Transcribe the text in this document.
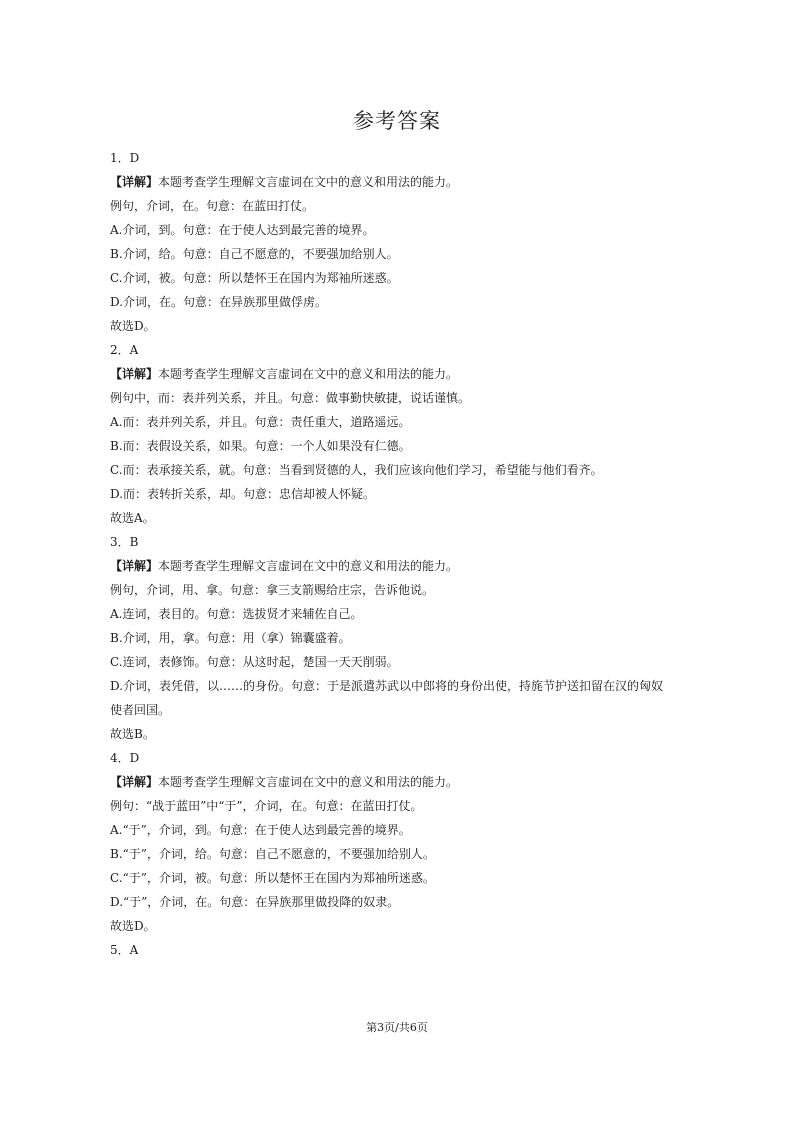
参考答案
1．D
【详解】本题考查学生理解文言虚词在文中的意义和用法的能力。
例句，介词，在。句意：在蓝田打仗。
A.介词，到。句意：在于使人达到最完善的境界。
B.介词，给。句意：自己不愿意的，不要强加给别人。
C.介词，被。句意：所以楚怀王在国内为郑袖所迷惑。
D.介词，在。句意：在异族那里做俘虏。
故选D。
2．A
【详解】本题考查学生理解文言虚词在文中的意义和用法的能力。
例句中，而：表并列关系，并且。句意：做事勤快敏捷，说话谨慎。
A.而：表并列关系，并且。句意：责任重大，道路遥远。
B.而：表假设关系，如果。句意：一个人如果没有仁德。
C.而：表承接关系，就。句意：当看到贤德的人，我们应该向他们学习，希望能与他们看齐。
D.而：表转折关系，却。句意：忠信却被人怀疑。
故选A。
3．B
【详解】本题考查学生理解文言虚词在文中的意义和用法的能力。
例句，介词，用、拿。句意：拿三支箭赐给庄宗，告诉他说。
A.连词，表目的。句意：选拔贤才来辅佐自己。
B.介词，用，拿。句意：用（拿）锦囊盛着。
C.连词，表修饰。句意：从这时起，楚国一天天削弱。
D.介词，表凭借，以……的身份。句意：于是派遣苏武以中郎将的身份出使，持旄节护送扣留在汉的匈奴
使者回国。
故选B。
4．D
【详解】本题考查学生理解文言虚词在文中的意义和用法的能力。
例句：“战于蓝田”中“于”，介词，在。句意：在蓝田打仗。
A.“于”，介词，到。句意：在于使人达到最完善的境界。
B.“于”，介词，给。句意：自己不愿意的，不要强加给别人。
C.“于”，介词，被。句意：所以楚怀王在国内为郑袖所迷惑。
D.“于”，介词，在。句意：在异族那里做投降的奴隶。
故选D。
5．A
第3页/共6页
